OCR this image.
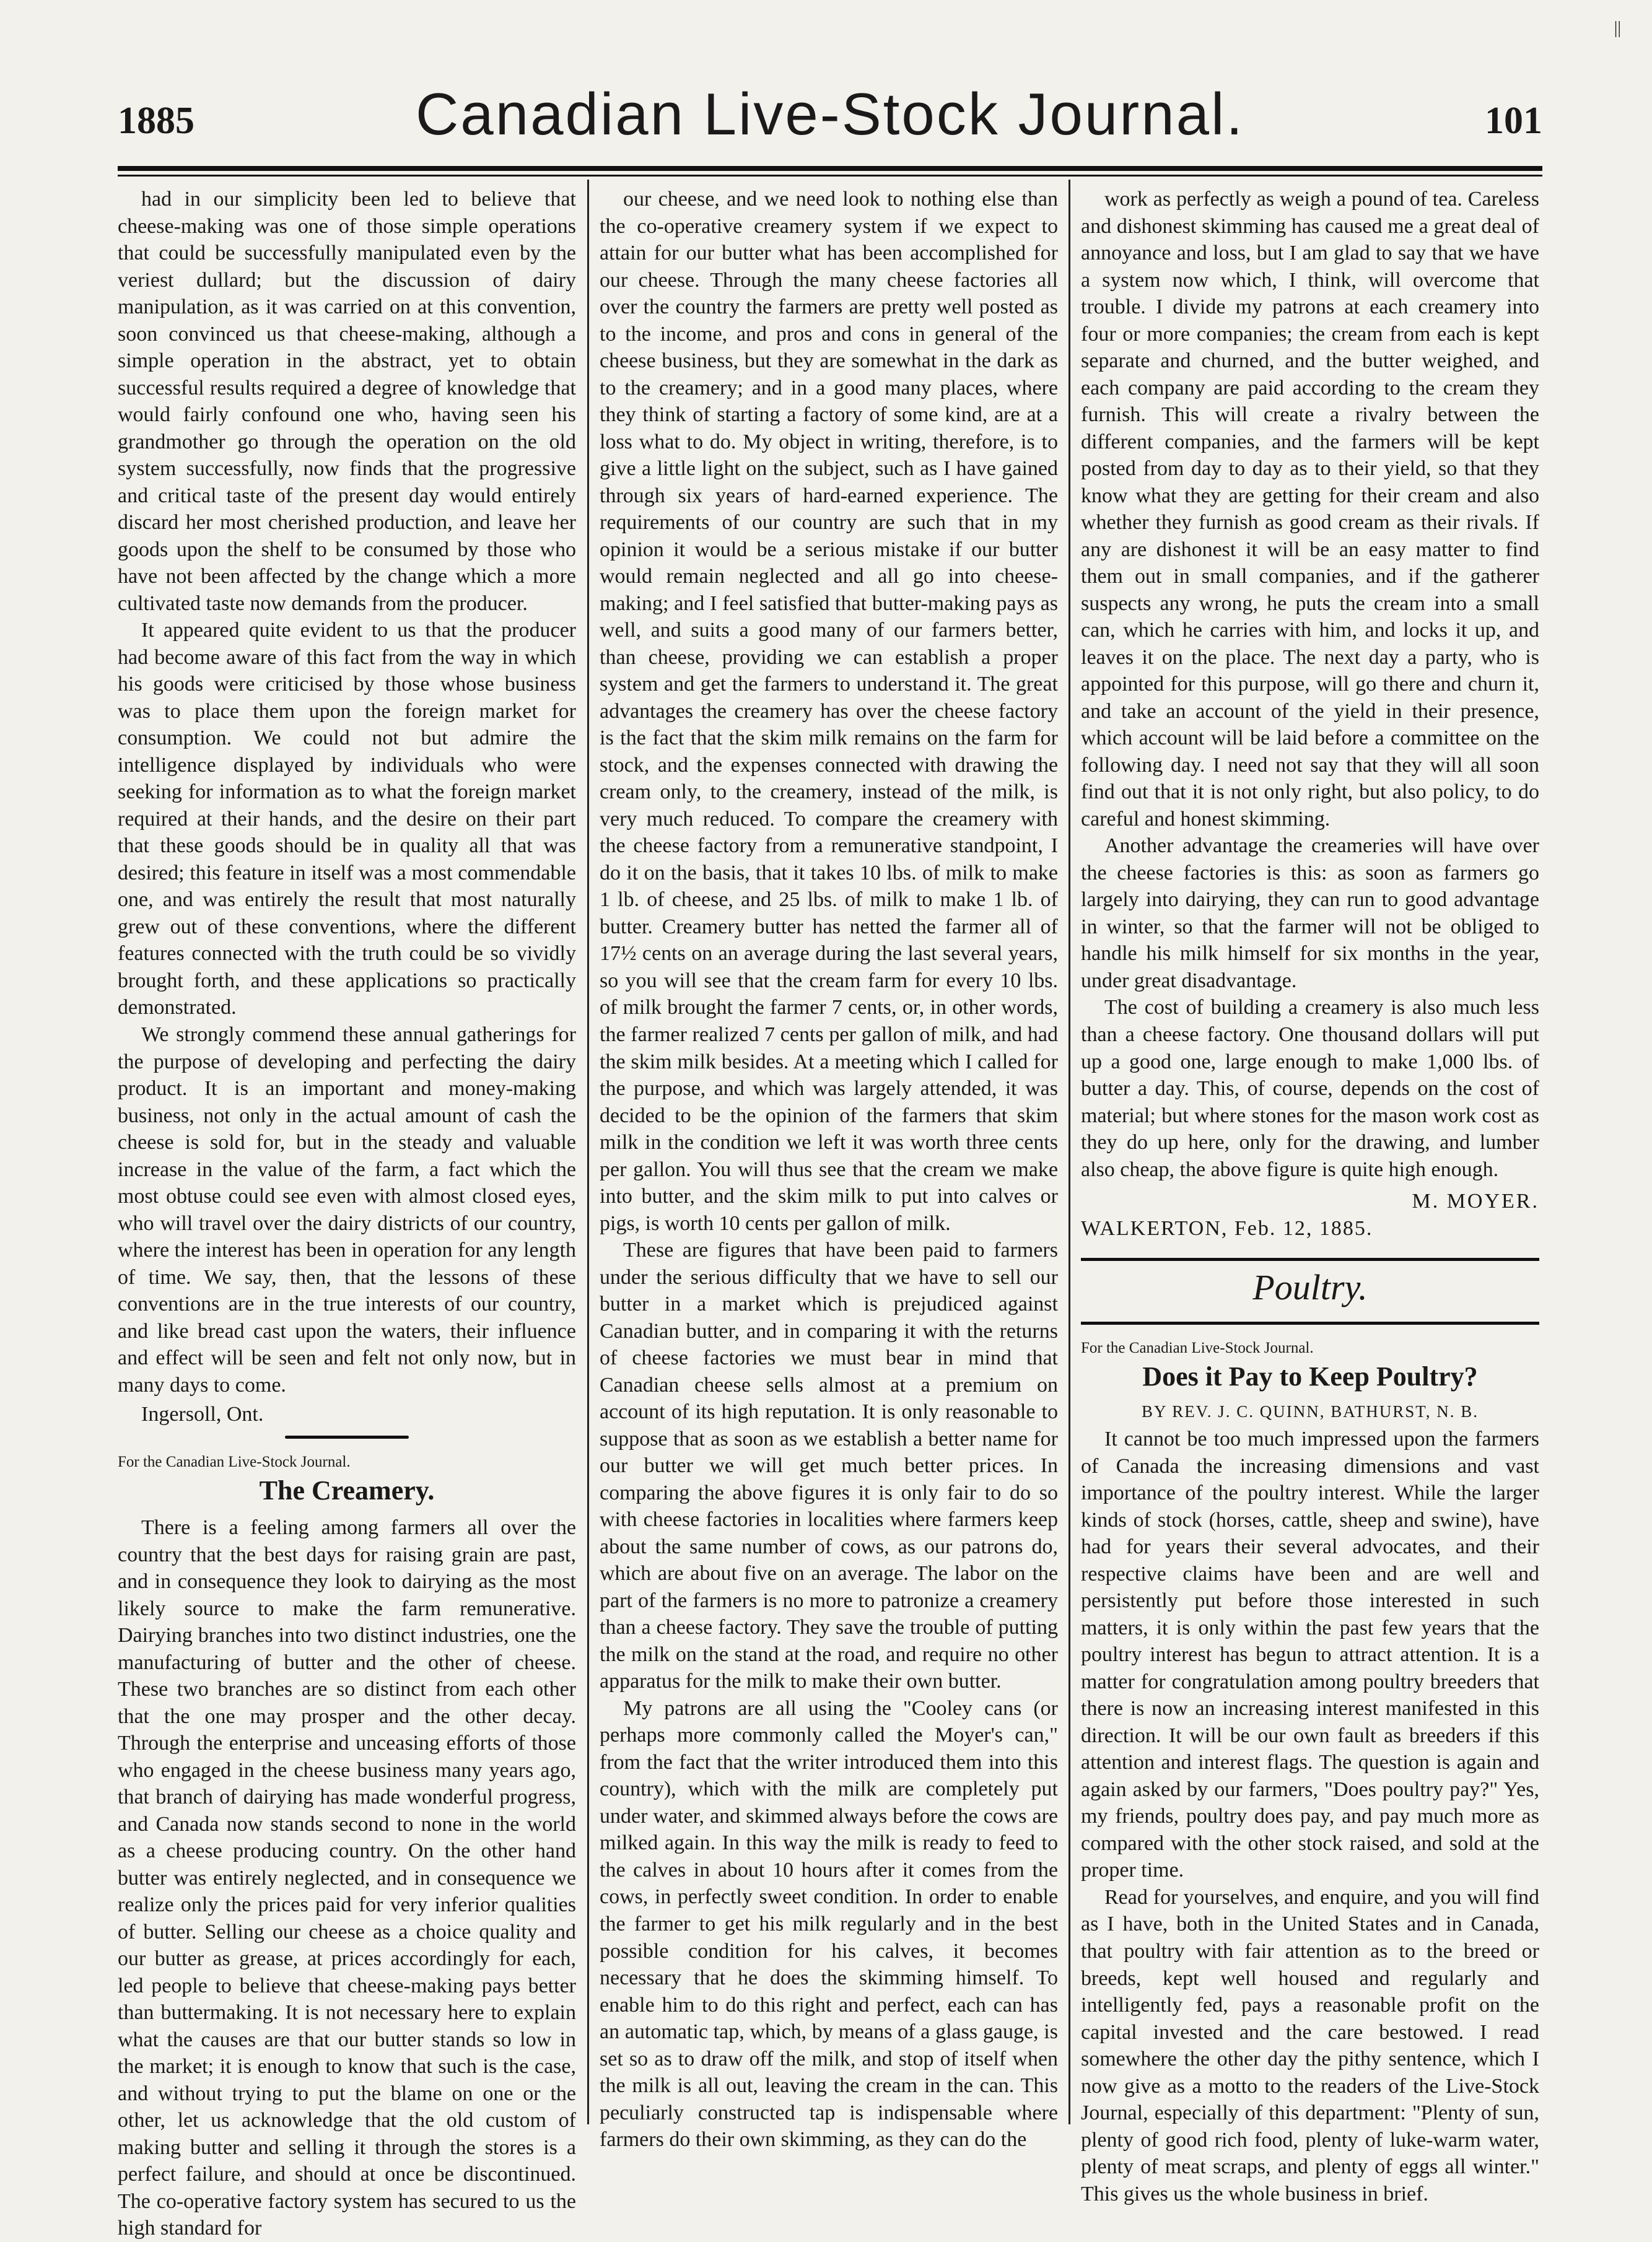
||
1885	Canadian Live-Stock Journal.	101

had in our simplicity been led to believe that cheese-making was one of those simple operations that could be successfully manipulated even by the veriest dullard; but the discussion of dairy manipulation, as it was carried on at this convention, soon convinced us that cheese-making, although a simple operation in the abstract, yet to obtain successful results required a degree of knowledge that would fairly confound one who, having seen his grandmother go through the operation on the old system successfully, now finds that the progressive and critical taste of the present day would entirely discard her most cherished production, and leave her goods upon the shelf to be consumed by those who have not been affected by the change which a more cultivated taste now demands from the producer.

It appeared quite evident to us that the producer had become aware of this fact from the way in which his goods were criticised by those whose business was to place them upon the foreign market for consumption. We could not but admire the intelligence displayed by individuals who were seeking for information as to what the foreign market required at their hands, and the desire on their part that these goods should be in quality all that was desired; this feature in itself was a most commendable one, and was entirely the result that most naturally grew out of these conventions, where the different features connected with the truth could be so vividly brought forth, and these applications so practically demonstrated.

We strongly commend these annual gatherings for the purpose of developing and perfecting the dairy product. It is an important and money-making business, not only in the actual amount of cash the cheese is sold for, but in the steady and valuable increase in the value of the farm, a fact which the most obtuse could see even with almost closed eyes, who will travel over the dairy districts of our country, where the interest has been in operation for any length of time. We say, then, that the lessons of these conventions are in the true interests of our country, and like bread cast upon the waters, their influence and effect will be seen and felt not only now, but in many days to come.

Ingersoll, Ont.

For the Canadian Live-Stock Journal.

The Creamery.

There is a feeling among farmers all over the country that the best days for raising grain are past, and in consequence they look to dairying as the most likely source to make the farm remunerative. Dairying branches into two distinct industries, one the manufacturing of butter and the other of cheese. These two branches are so distinct from each other that the one may prosper and the other decay. Through the enterprise and unceasing efforts of those who engaged in the cheese business many years ago, that branch of dairying has made wonderful progress, and Canada now stands second to none in the world as a cheese producing country. On the other hand butter was entirely neglected, and in consequence we realize only the prices paid for very inferior qualities of butter. Selling our cheese as a choice quality and our butter as grease, at prices accordingly for each, led people to believe that cheese-making pays better than buttermaking. It is not necessary here to explain what the causes are that our butter stands so low in the market; it is enough to know that such is the case, and without trying to put the blame on one or the other, let us acknowledge that the old custom of making butter and selling it through the stores is a perfect failure, and should at once be discontinued. The co-operative factory system has secured to us the high standard for

our cheese, and we need look to nothing else than the co-operative creamery system if we expect to attain for our butter what has been accomplished for our cheese. Through the many cheese factories all over the country the farmers are pretty well posted as to the income, and pros and cons in general of the cheese business, but they are somewhat in the dark as to the creamery; and in a good many places, where they think of starting a factory of some kind, are at a loss what to do. My object in writing, therefore, is to give a little light on the subject, such as I have gained through six years of hard-earned experience. The requirements of our country are such that in my opinion it would be a serious mistake if our butter would remain neglected and all go into cheese-making; and I feel satisfied that butter-making pays as well, and suits a good many of our farmers better, than cheese, providing we can establish a proper system and get the farmers to understand it. The great advantages the creamery has over the cheese factory is the fact that the skim milk remains on the farm for stock, and the expenses connected with drawing the cream only, to the creamery, instead of the milk, is very much reduced. To compare the creamery with the cheese factory from a remunerative standpoint, I do it on the basis, that it takes 10 lbs. of milk to make 1 lb. of cheese, and 25 lbs. of milk to make 1 lb. of butter. Creamery butter has netted the farmer all of 17½ cents on an average during the last several years, so you will see that the cream farm for every 10 lbs. of milk brought the farmer 7 cents, or, in other words, the farmer realized 7 cents per gallon of milk, and had the skim milk besides. At a meeting which I called for the purpose, and which was largely attended, it was decided to be the opinion of the farmers that skim milk in the condition we left it was worth three cents per gallon. You will thus see that the cream we make into butter, and the skim milk to put into calves or pigs, is worth 10 cents per gallon of milk.

These are figures that have been paid to farmers under the serious difficulty that we have to sell our butter in a market which is prejudiced against Canadian butter, and in comparing it with the returns of cheese factories we must bear in mind that Canadian cheese sells almost at a premium on account of its high reputation. It is only reasonable to suppose that as soon as we establish a better name for our butter we will get much better prices. In comparing the above figures it is only fair to do so with cheese factories in localities where farmers keep about the same number of cows, as our patrons do, which are about five on an average. The labor on the part of the farmers is no more to patronize a creamery than a cheese factory. They save the trouble of putting the milk on the stand at the road, and require no other apparatus for the milk to make their own butter.

My patrons are all using the "Cooley cans (or perhaps more commonly called the Moyer's can," from the fact that the writer introduced them into this country), which with the milk are completely put under water, and skimmed always before the cows are milked again. In this way the milk is ready to feed to the calves in about 10 hours after it comes from the cows, in perfectly sweet condition. In order to enable the farmer to get his milk regularly and in the best possible condition for his calves, it becomes necessary that he does the skimming himself. To enable him to do this right and perfect, each can has an automatic tap, which, by means of a glass gauge, is set so as to draw off the milk, and stop of itself when the milk is all out, leaving the cream in the can. This peculiarly constructed tap is indispensable where farmers do their own skimming, as they can do the

work as perfectly as weigh a pound of tea. Careless and dishonest skimming has caused me a great deal of annoyance and loss, but I am glad to say that we have a system now which, I think, will overcome that trouble. I divide my patrons at each creamery into four or more companies; the cream from each is kept separate and churned, and the butter weighed, and each company are paid according to the cream they furnish. This will create a rivalry between the different companies, and the farmers will be kept posted from day to day as to their yield, so that they know what they are getting for their cream and also whether they furnish as good cream as their rivals. If any are dishonest it will be an easy matter to find them out in small companies, and if the gatherer suspects any wrong, he puts the cream into a small can, which he carries with him, and locks it up, and leaves it on the place. The next day a party, who is appointed for this purpose, will go there and churn it, and take an account of the yield in their presence, which account will be laid before a committee on the following day. I need not say that they will all soon find out that it is not only right, but also policy, to do careful and honest skimming.

Another advantage the creameries will have over the cheese factories is this: as soon as farmers go largely into dairying, they can run to good advantage in winter, so that the farmer will not be obliged to handle his milk himself for six months in the year, under great disadvantage.

The cost of building a creamery is also much less than a cheese factory. One thousand dollars will put up a good one, large enough to make 1,000 lbs. of butter a day. This, of course, depends on the cost of material; but where stones for the mason work cost as they do up here, only for the drawing, and lumber also cheap, the above figure is quite high enough.

M. MOYER.

WALKERTON, Feb. 12, 1885.

Poultry.

For the Canadian Live-Stock Journal.

Does it Pay to Keep Poultry?

BY REV. J. C. QUINN, BATHURST, N. B.

It cannot be too much impressed upon the farmers of Canada the increasing dimensions and vast importance of the poultry interest. While the larger kinds of stock (horses, cattle, sheep and swine), have had for years their several advocates, and their respective claims have been and are well and persistently put before those interested in such matters, it is only within the past few years that the poultry interest has begun to attract attention. It is a matter for congratulation among poultry breeders that there is now an increasing interest manifested in this direction. It will be our own fault as breeders if this attention and interest flags. The question is again and again asked by our farmers, "Does poultry pay?" Yes, my friends, poultry does pay, and pay much more as compared with the other stock raised, and sold at the proper time.

Read for yourselves, and enquire, and you will find as I have, both in the United States and in Canada, that poultry with fair attention as to the breed or breeds, kept well housed and regularly and intelligently fed, pays a reasonable profit on the capital invested and the care bestowed. I read somewhere the other day the pithy sentence, which I now give as a motto to the readers of the Live-Stock Journal, especially of this department: "Plenty of sun, plenty of good rich food, plenty of luke-warm water, plenty of meat scraps, and plenty of eggs all winter." This gives us the whole business in brief.
